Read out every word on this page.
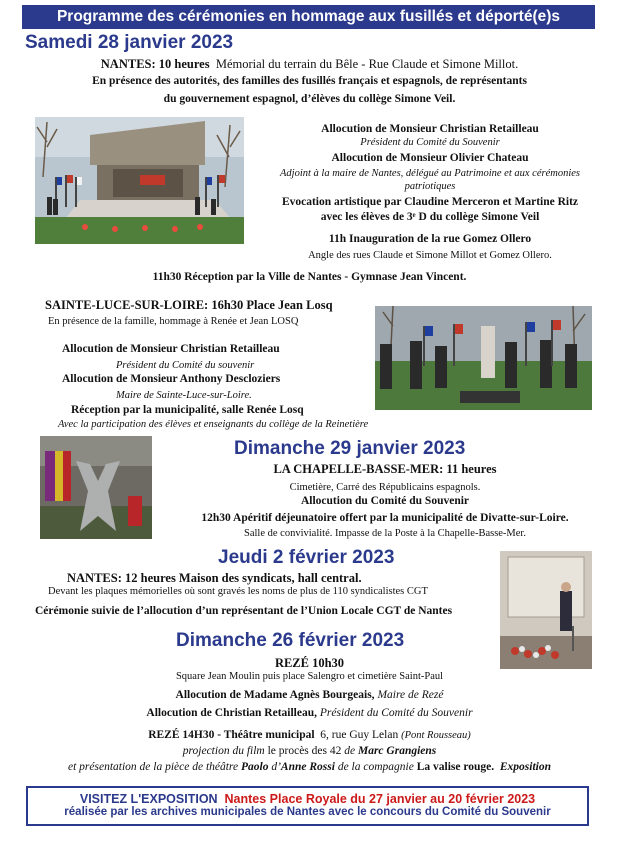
Programme des cérémonies en hommage aux fusillés et déporté(e)s
Samedi 28 janvier 2023
NANTES: 10 heures Mémorial du terrain du Bêle - Rue Claude et Simone Millot.
En présence des autorités, des familles des fusillés français et espagnols, de représentants
du gouvernement espagnol, d’élèves du collège Simone Veil.
Allocution de Monsieur Christian Retailleau
Président du Comité du Souvenir
Allocution de Monsieur Olivier Chateau
Adjoint à la maire de Nantes, délégué au Patrimoine et aux cérémonies
patriotiques
Evocation artistique par Claudine Merceron et Martine Ritz
avec les élèves de 3ᵉ D du collège Simone Veil
11h Inauguration de la rue Gomez Ollero
Angle des rues Claude et Simone Millot et Gomez Ollero.
11h30 Réception par la Ville de Nantes - Gymnase Jean Vincent.
SAINTE-LUCE-SUR-LOIRE: 16h30 Place Jean Losq
En présence de la famille, hommage à Renée et Jean LOSQ
Allocution de Monsieur Christian Retailleau
Président du Comité du souvenir
Allocution de Monsieur Anthony Descloziers
Maire de Sainte-Luce-sur-Loire.
Réception par la municipalité, salle Renée Losq
Avec la participation des élèves et enseignants du collège de la Reinetière
Dimanche 29 janvier 2023
LA CHAPELLE-BASSE-MER: 11 heures
Cimetière, Carré des Républicains espagnols.
Allocution du Comité du Souvenir
12h30 Apéritif déjeunatoire offert par la municipalité de Divatte-sur-Loire.
Salle de convivialité. Impasse de la Poste à la Chapelle-Basse-Mer.
Jeudi 2 février 2023
NANTES: 12 heures Maison des syndicats, hall central.
Devant les plaques mémorielles où sont gravés les noms de plus de 110 syndicalistes CGT
Cérémonie suivie de l’allocution d’un représentant de l’Union Locale CGT de Nantes
Dimanche 26 février 2023
REZÉ 10h30
Square Jean Moulin puis place Salengro et cimetière Saint-Paul
Allocution de Madame Agnès Bourgeais, Maire de Rezé
Allocution de Christian Retailleau, Président du Comité du Souvenir
REZÉ 14H30 - Théâtre municipal 6, rue Guy Lelan (Pont Rousseau)
projection du film le procès des 42 de Marc Grangiens
et présentation de la pièce de théâtre Paolo d’Anne Rossi de la compagnie La valise rouge. Exposition
VISITEZ L'EXPOSITION Nantes Place Royale du 27 janvier au 20 février 2023
réalisée par les archives municipales de Nantes avec le concours du Comité du Souvenir
